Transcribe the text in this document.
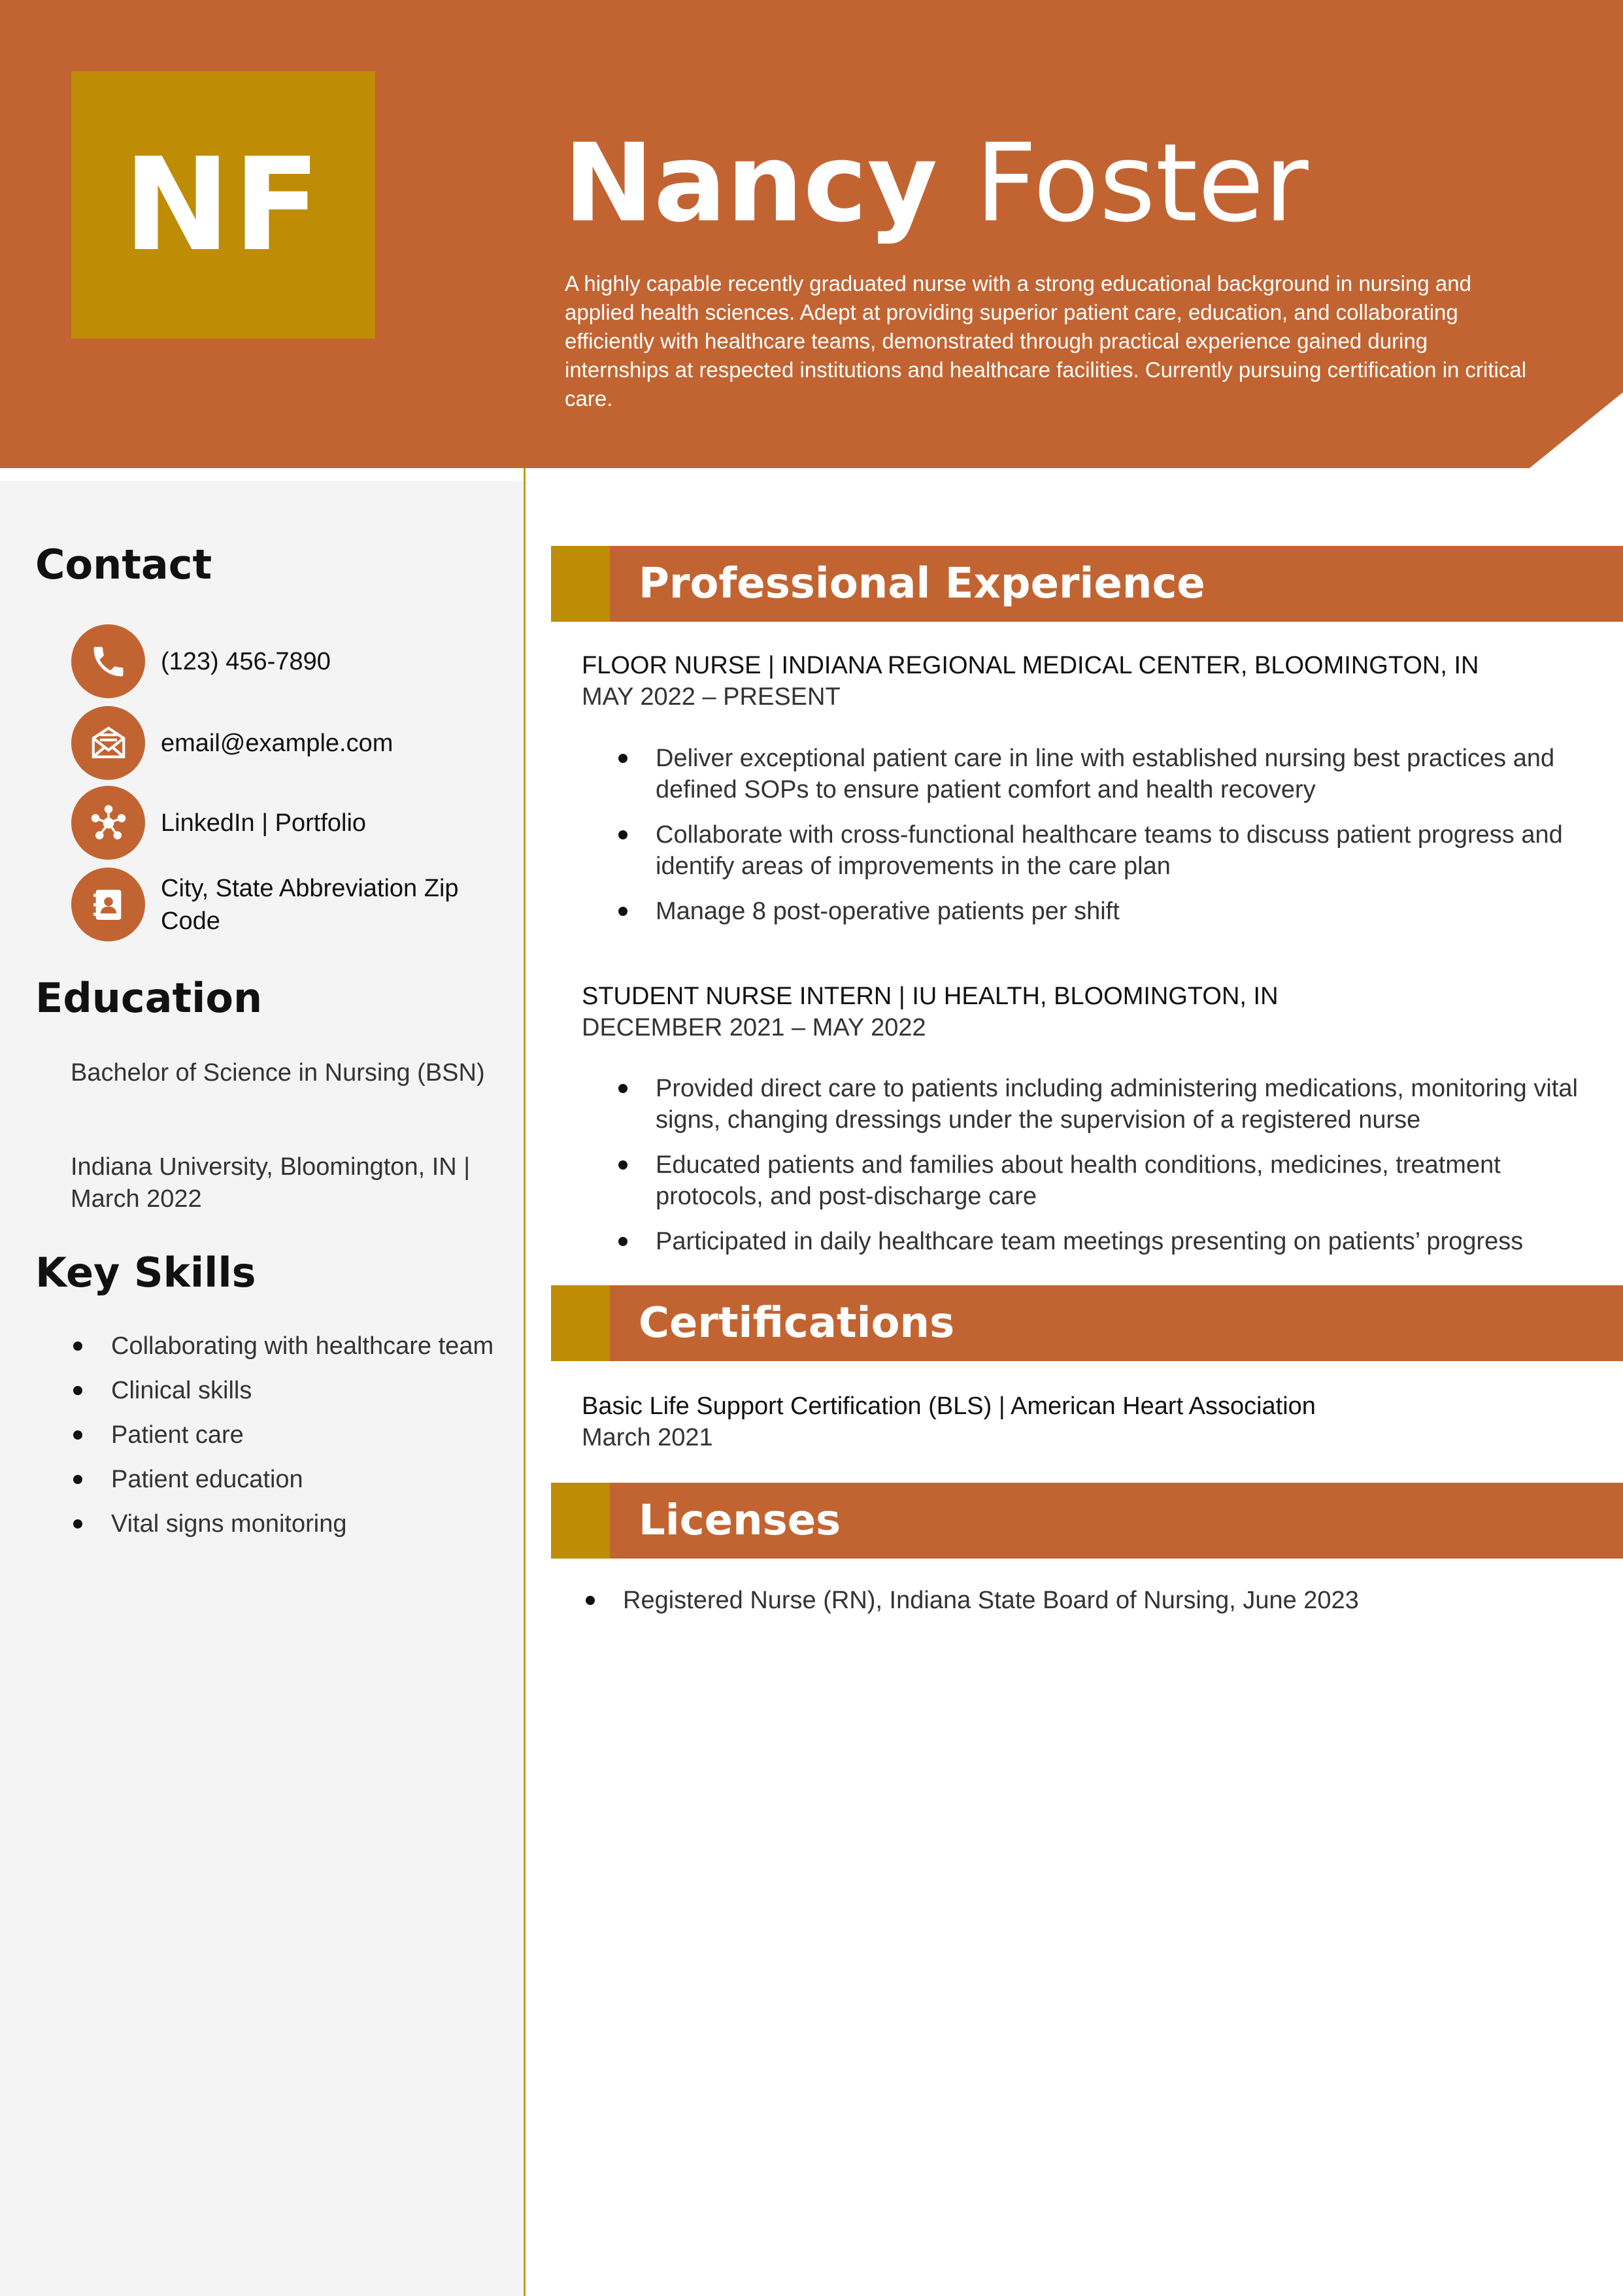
NF Nancy Foster

A highly capable recently graduated nurse with a strong educational background in nursing and applied health sciences. Adept at providing superior patient care, education, and collaborating efficiently with healthcare teams, demonstrated through practical experience gained during internships at respected institutions and healthcare facilities. Currently pursuing certification in critical care.

Contact
(123) 456-7890
email@example.com
LinkedIn | Portfolio
City, State Abbreviation Zip Code
Education

Bachelor of Science in Nursing (BSN)

Indiana University, Bloomington, IN | March 2022

Key Skills
Collaborating with healthcare team
Clinical skills
Patient care
Patient education
Vital signs monitoring
Professional Experience

FLOOR NURSE | INDIANA REGIONAL MEDICAL CENTER, BLOOMINGTON, IN

MAY 2022 – PRESENT

Deliver exceptional patient care in line with established nursing best practices and defined SOPs to ensure patient comfort and health recovery
Collaborate with cross-functional healthcare teams to discuss patient progress and identify areas of improvements in the care plan
Manage 8 post-operative patients per shift

STUDENT NURSE INTERN | IU HEALTH, BLOOMINGTON, IN

DECEMBER 2021 – MAY 2022

Provided direct care to patients including administering medications, monitoring vital signs, changing dressings under the supervision of a registered nurse
Educated patients and families about health conditions, medicines, treatment protocols, and post-discharge care
Participated in daily healthcare team meetings presenting on patients’ progress
Certifications

Basic Life Support Certification (BLS) | American Heart Association

March 2021

Licenses
Registered Nurse (RN), Indiana State Board of Nursing, June 2023
